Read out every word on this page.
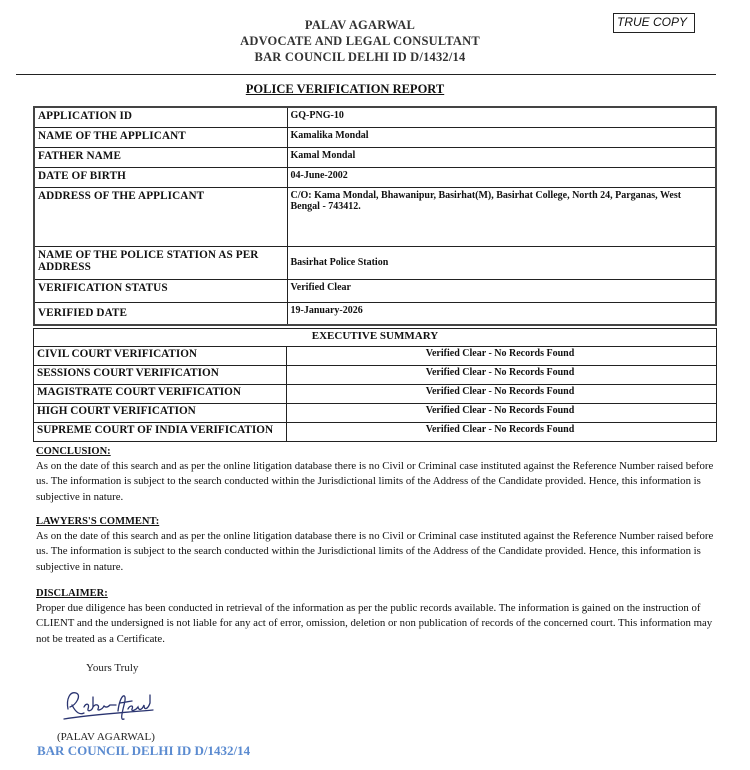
PALAV AGARWAL
ADVOCATE AND LEGAL CONSULTANT
BAR COUNCIL DELHI ID D/1432/14
TRUE COPY
POLICE VERIFICATION REPORT
APPLICATION ID	GQ-PNG-10
NAME OF THE APPLICANT	Kamalika Mondal
FATHER NAME	Kamal Mondal
DATE OF BIRTH	04-June-2002
ADDRESS OF THE APPLICANT	C/O: Kama Mondal, Bhawanipur, Basirhat(M), Basirhat College, North 24, Parganas, West Bengal - 743412.
NAME OF THE POLICE STATION AS PER ADDRESS	Basirhat Police Station
VERIFICATION STATUS	Verified Clear
VERIFIED DATE	19-January-2026
EXECUTIVE SUMMARY	
CIVIL COURT VERIFICATION	Verified Clear - No Records Found
SESSIONS COURT VERIFICATION	Verified Clear - No Records Found
MAGISTRATE COURT VERIFICATION	Verified Clear - No Records Found
HIGH COURT VERIFICATION	Verified Clear - No Records Found
SUPREME COURT OF INDIA VERIFICATION	Verified Clear - No Records Found
CONCLUSION:
As on the date of this search and as per the online litigation database there is no Civil or Criminal case instituted against the Reference Number raised before us. The information is subject to the search conducted within the Jurisdictional limits of the Address of the Candidate provided. Hence, this information is subjective in nature.
LAWYERS'S COMMENT:
As on the date of this search and as per the online litigation database there is no Civil or Criminal case instituted against the Reference Number raised before us. The information is subject to the search conducted within the Jurisdictional limits of the Address of the Candidate provided. Hence, this information is subjective in nature.
DISCLAIMER:
Proper due diligence has been conducted in retrieval of the information as per the public records available. The information is gained on the instruction of CLIENT and the undersigned is not liable for any act of error, omission, deletion or non publication of records of the concerned court. This information may not be treated as a Certificate.
Yours Truly
(PALAV AGARWAL)
BAR COUNCIL DELHI ID D/1432/14
